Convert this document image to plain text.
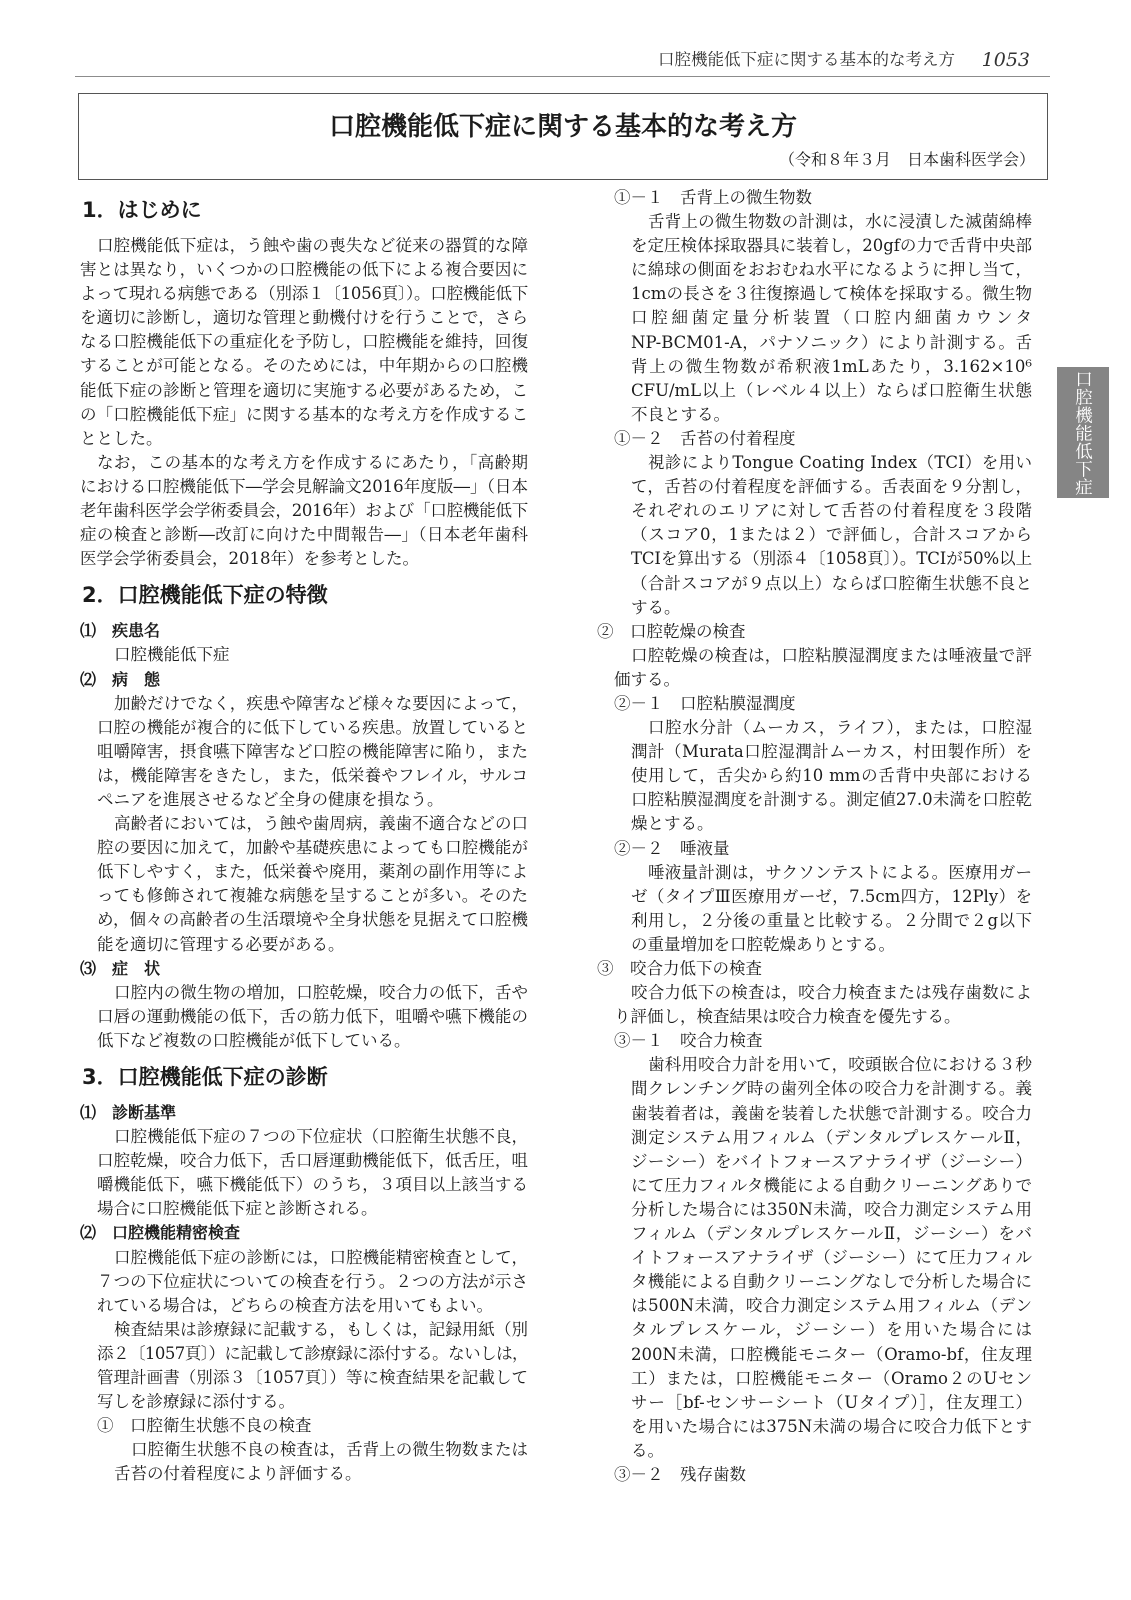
口腔機能低下症に関する基本的な考え方 1053
口腔機能低下症に関する基本的な考え方
（令和８年３月　日本歯科医学会）
1．はじめに
口腔機能低下症は，う蝕や歯の喪失など従来の器質的な障
害とは異なり，いくつかの口腔機能の低下による複合要因に
よって現れる病態である（別添１〔1056頁〕）。口腔機能低下
を適切に診断し，適切な管理と動機付けを行うことで，さら
なる口腔機能低下の重症化を予防し，口腔機能を維持，回復
することが可能となる。そのためには，中年期からの口腔機
能低下症の診断と管理を適切に実施する必要があるため，こ
の「口腔機能低下症」に関する基本的な考え方を作成するこ
ととした。
なお，この基本的な考え方を作成するにあたり，「高齢期
における口腔機能低下―学会見解論文2016年度版―」（日本
老年歯科医学会学術委員会，2016年）および「口腔機能低下
症の検査と診断―改訂に向けた中間報告―」（日本老年歯科
医学会学術委員会，2018年）を参考とした。
2．口腔機能低下症の特徴
⑴　疾患名
口腔機能低下症
⑵　病　態
加齢だけでなく，疾患や障害など様々な要因によって，
口腔の機能が複合的に低下している疾患。放置していると
咀嚼障害，摂食嚥下障害など口腔の機能障害に陥り，また
は，機能障害をきたし，また，低栄養やフレイル，サルコ
ペニアを進展させるなど全身の健康を損なう。
高齢者においては，う蝕や歯周病，義歯不適合などの口
腔の要因に加えて，加齢や基礎疾患によっても口腔機能が
低下しやすく，また，低栄養や廃用，薬剤の副作用等によ
っても修飾されて複雑な病態を呈することが多い。そのた
め，個々の高齢者の生活環境や全身状態を見据えて口腔機
能を適切に管理する必要がある。
⑶　症　状
口腔内の微生物の増加，口腔乾燥，咬合力の低下，舌や
口唇の運動機能の低下，舌の筋力低下，咀嚼や嚥下機能の
低下など複数の口腔機能が低下している。
3．口腔機能低下症の診断
⑴　診断基準
口腔機能低下症の７つの下位症状（口腔衛生状態不良，
口腔乾燥，咬合力低下，舌口唇運動機能低下，低舌圧，咀
嚼機能低下，嚥下機能低下）のうち，３項目以上該当する
場合に口腔機能低下症と診断される。
⑵　口腔機能精密検査
口腔機能低下症の診断には，口腔機能精密検査として，
７つの下位症状についての検査を行う。２つの方法が示さ
れている場合は，どちらの検査方法を用いてもよい。
検査結果は診療録に記載する，もしくは，記録用紙（別
添２〔1057頁〕）に記載して診療録に添付する。ないしは，
管理計画書（別添３〔1057頁〕）等に検査結果を記載して
写しを診療録に添付する。
①　口腔衛生状態不良の検査
口腔衛生状態不良の検査は，舌背上の微生物数または
舌苔の付着程度により評価する。
①－１　舌背上の微生物数
舌背上の微生物数の計測は，水に浸漬した滅菌綿棒
を定圧検体採取器具に装着し，20gfの力で舌背中央部
に綿球の側面をおおむね水平になるように押し当て，
1cmの長さを３往復擦過して検体を採取する。微生物
口腔細菌定量分析装置（口腔内細菌カウンタ
NP-BCM01-A，パナソニック）により計測する。舌
背上の微生物数が希釈液1mLあたり，3.162×10⁶
CFU/mL以上（レベル４以上）ならば口腔衛生状態
不良とする。
①－２　舌苔の付着程度
視診によりTongue Coating Index（TCI）を用い
て，舌苔の付着程度を評価する。舌表面を９分割し，
それぞれのエリアに対して舌苔の付着程度を３段階
（スコア0，1または２）で評価し，合計スコアから
TCIを算出する（別添４〔1058頁〕）。TCIが50%以上
（合計スコアが９点以上）ならば口腔衛生状態不良と
する。
②　口腔乾燥の検査
口腔乾燥の検査は，口腔粘膜湿潤度または唾液量で評
価する。
②－１　口腔粘膜湿潤度
口腔水分計（ムーカス，ライフ），または，口腔湿
潤計（Murata口腔湿潤計ムーカス，村田製作所）を
使用して，舌尖から約10 mmの舌背中央部における
口腔粘膜湿潤度を計測する。測定値27.0未満を口腔乾
燥とする。
②－２　唾液量
唾液量計測は，サクソンテストによる。医療用ガー
ゼ（タイプⅢ医療用ガーゼ，7.5cm四方，12Ply）を
利用し，２分後の重量と比較する。２分間で２g以下
の重量増加を口腔乾燥ありとする。
③　咬合力低下の検査
咬合力低下の検査は，咬合力検査または残存歯数によ
り評価し，検査結果は咬合力検査を優先する。
③－１　咬合力検査
歯科用咬合力計を用いて，咬頭嵌合位における３秒
間クレンチング時の歯列全体の咬合力を計測する。義
歯装着者は，義歯を装着した状態で計測する。咬合力
測定システム用フィルム（デンタルプレスケールⅡ，
ジーシー）をバイトフォースアナライザ（ジーシー）
にて圧力フィルタ機能による自動クリーニングありで
分析した場合には350N未満，咬合力測定システム用
フィルム（デンタルプレスケールⅡ，ジーシー）をバ
イトフォースアナライザ（ジーシー）にて圧力フィル
タ機能による自動クリーニングなしで分析した場合に
は500N未満，咬合力測定システム用フィルム（デン
タルプレスケール，ジーシー）を用いた場合には
200N未満，口腔機能モニター（Oramo-bf，住友理
工）または，口腔機能モニター（Oramo２のUセン
サー［bf-センサーシート（Uタイプ）］，住友理工）
を用いた場合には375N未満の場合に咬合力低下とす
る。
③－２　残存歯数
口腔機能低下症
